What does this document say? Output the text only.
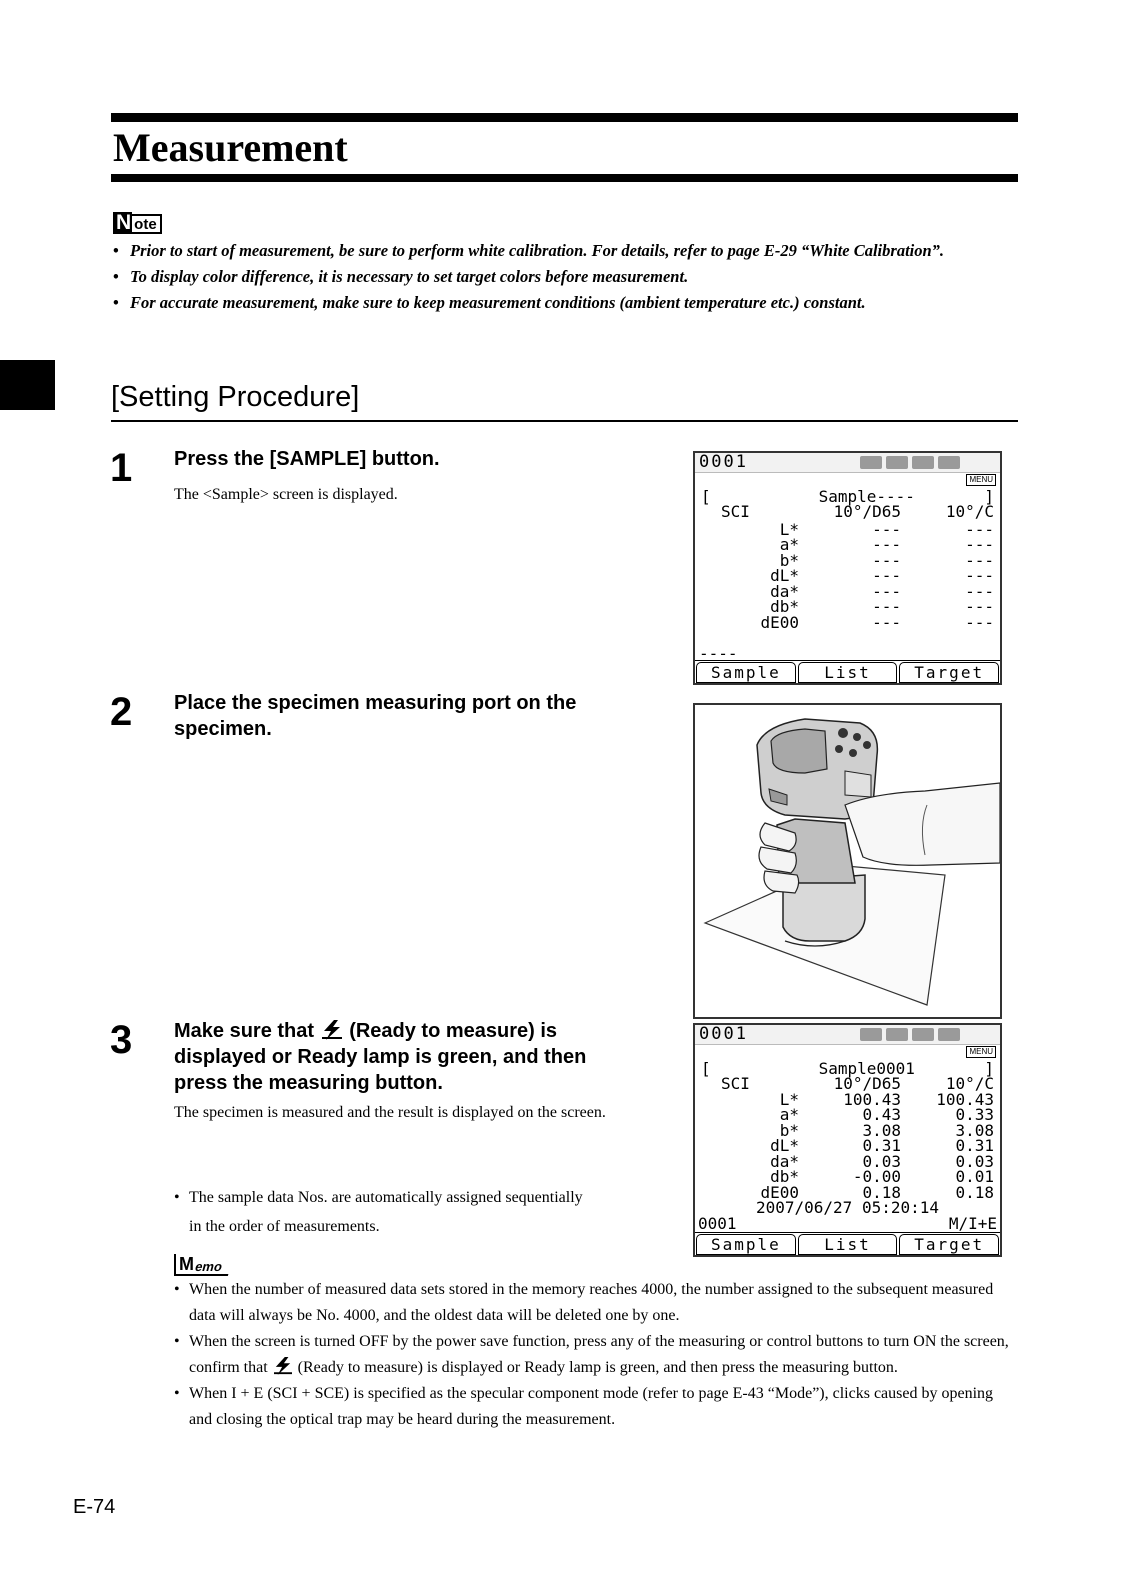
Measurement
N ote
• Prior to start of measurement, be sure to perform white calibration. For details, refer to page E-29 “White Calibration”.
• To display color difference, it is necessary to set target colors before measurement.
• For accurate measurement, make sure to keep measurement conditions (ambient temperature etc.) constant.
[Setting Procedure]
1 Press the [SAMPLE] button.

The <Sample> screen is displayed.

0001

Sample----

MENU

[	]
SCI	10°/D65	10°/C
L*	---	---
a*	---	---
b*	---	---
dL*	---	---
da*	---	---
db*	---	---
dE00	---	---
----
Sample	List	Target
2 Place the specimen measuring port on the specimen.
3 Make sure that (Ready to measure) is displayed or Ready lamp is green, and then press the measuring button.

The specimen is measured and the result is displayed on the screen.

• The sample data Nos. are automatically assigned sequentially in the order of measurements.
0001

Sample0001

MENU

[	]
SCI	10°/D65	10°/C
L*	100.43	100.43
a*	0.43	0.33
b*	3.08	3.08
dL*	0.31	0.31
da*	0.03	0.03
db*	-0.00	0.01
dE00	0.18	0.18
2007/06/27 05:20:14
0001	M/I+E
Sample	List	Target
M emo
• When the number of measured data sets stored in the memory reaches 4000, the number assigned to the subsequent measured data will always be No. 4000, and the oldest data will be deleted one by one.
• When the screen is turned OFF by the power save function, press any of the measuring or control buttons to turn ON the screen, confirm that (Ready to measure) is displayed or Ready lamp is green, and then press the measuring button.
• When I + E (SCI + SCE) is specified as the specular component mode (refer to page E-43 “Mode”), clicks caused by opening and closing the optical trap may be heard during the measurement.
E-74
